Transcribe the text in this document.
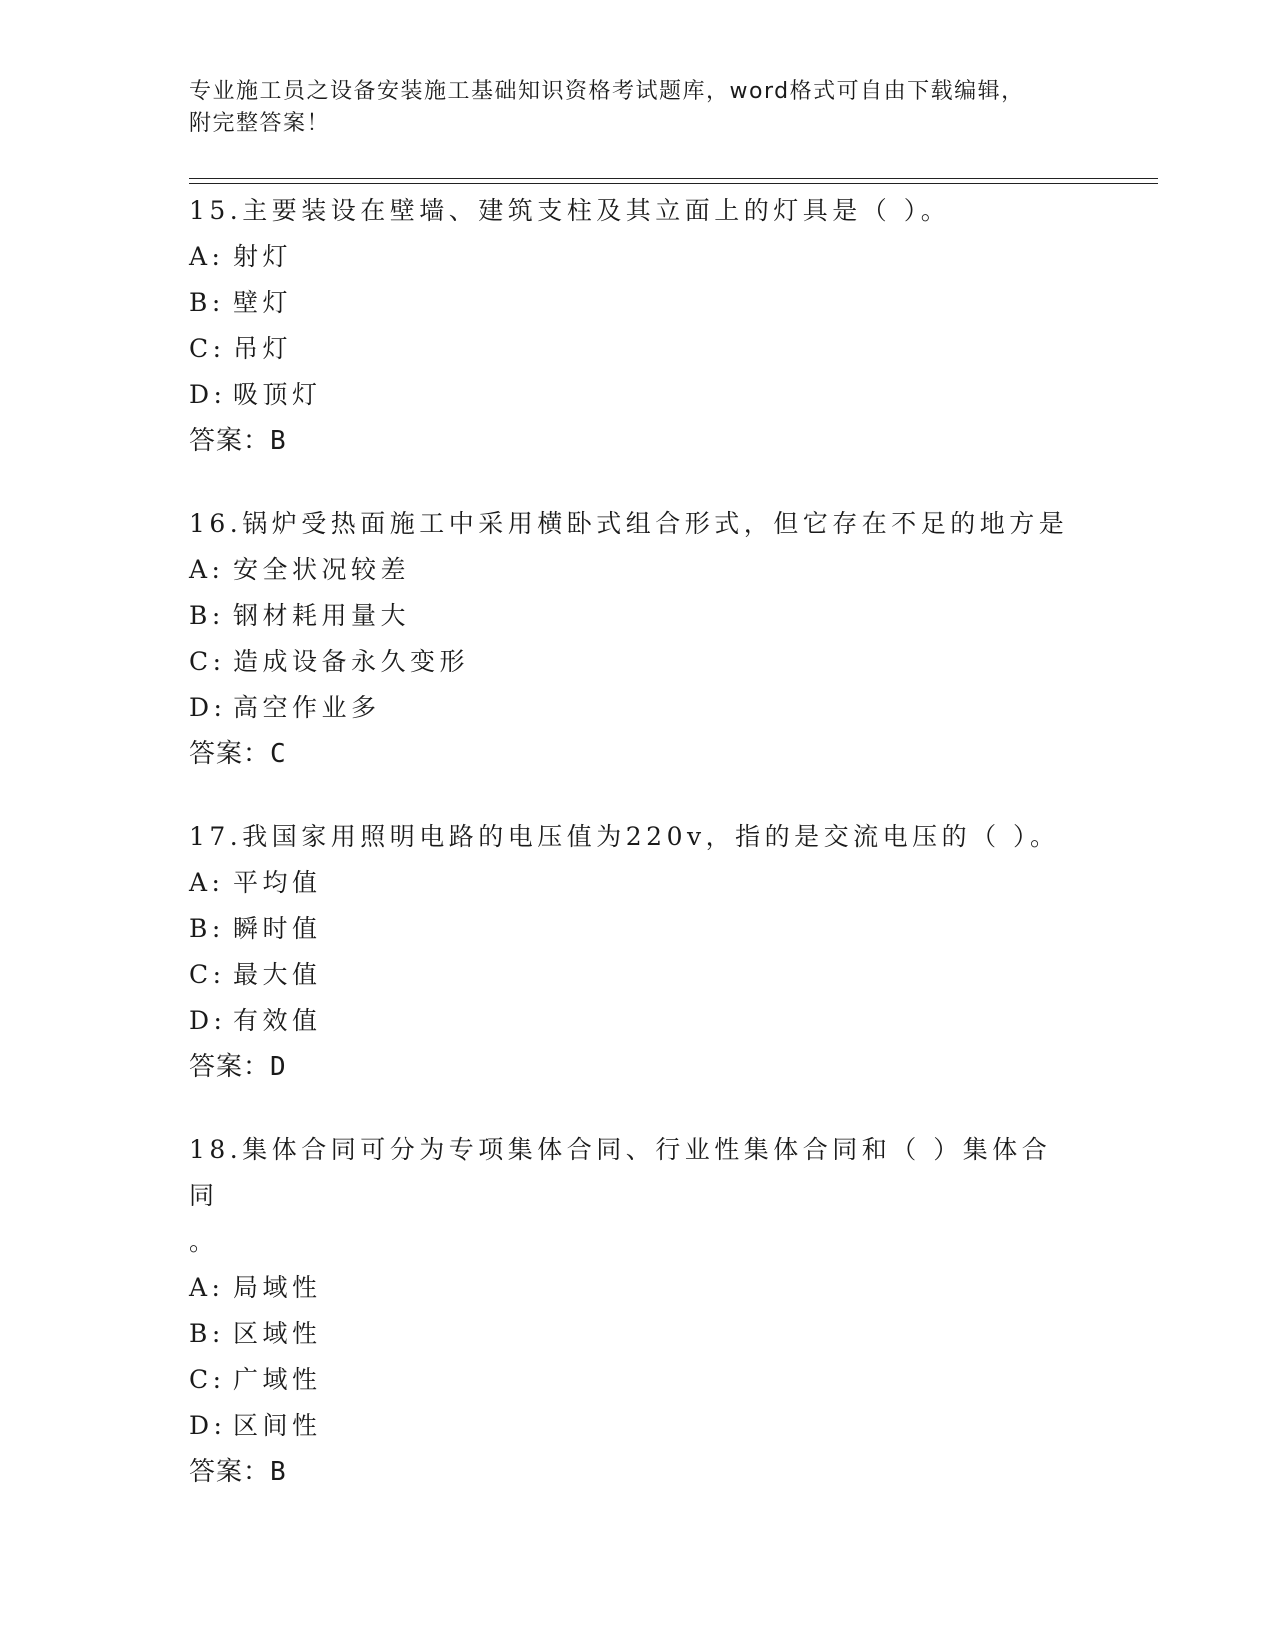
专业施工员之设备安装施工基础知识资格考试题库，word格式可自由下载编辑，
附完整答案！
15.主要装设在壁墙、建筑支柱及其立面上的灯具是（ ）。
A: 射灯
B: 壁灯
C: 吊灯
D: 吸顶灯
答案：B
16.锅炉受热面施工中采用横卧式组合形式，但它存在不足的地方是
A: 安全状况较差
B: 钢材耗用量大
C: 造成设备永久变形
D: 高空作业多
答案：C
17.我国家用照明电路的电压值为220v，指的是交流电压的（ ）。
A: 平均值
B: 瞬时值
C: 最大值
D: 有效值
答案：D
18.集体合同可分为专项集体合同、行业性集体合同和（ ）集体合同
。
A: 局域性
B: 区域性
C: 广域性
D: 区间性
答案：B
